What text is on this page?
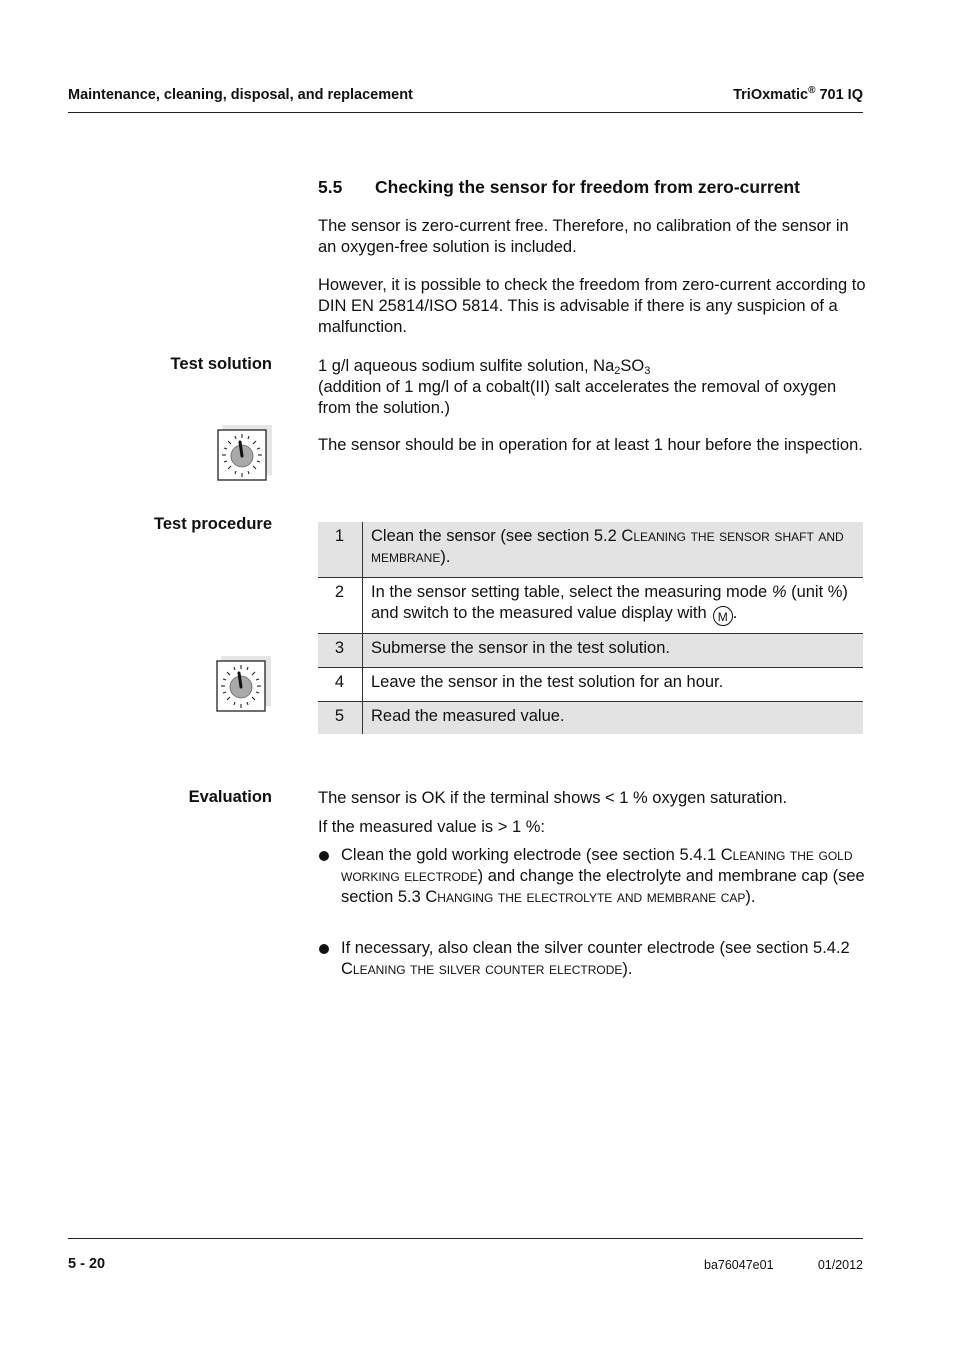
Maintenance, cleaning, disposal, and replacement	TriOxmatic® 701 IQ
5.5 Checking the sensor for freedom from zero-current
The sensor is zero-current free. Therefore, no calibration of the sensor in an oxygen-free solution is included.
However, it is possible to check the freedom from zero-current according to DIN EN 25814/ISO 5814. This is advisable if there is any suspicion of a malfunction.
Test solution	1 g/l aqueous sodium sulfite solution, $Na_2SO_3$
(addition of 1 mg/l of a cobalt(II) salt accelerates the removal of oxygen from the solution.)
The sensor should be in operation for at least 1 hour before the inspection.
Test procedure
1	Clean the sensor (see section 5.2 Cleaning the sensor shaft and membrane).
2	In the sensor setting table, select the measuring mode % (unit %) and switch to the measured value display with M .
3	Submerse the sensor in the test solution.
4	Leave the sensor in the test solution for an hour.
5	Read the measured value.
Evaluation	The sensor is OK if the terminal shows < 1 % oxygen saturation.
If the measured value is > 1 %:
Clean the gold working electrode (see section 5.4.1 Cleaning the gold working electrode) and change the electrolyte and membrane cap (see section 5.3 Changing the electrolyte and membrane cap).
If necessary, also clean the silver counter electrode (see section 5.4.2 Cleaning the silver counter electrode).
5 - 20	ba76047e01	01/2012
